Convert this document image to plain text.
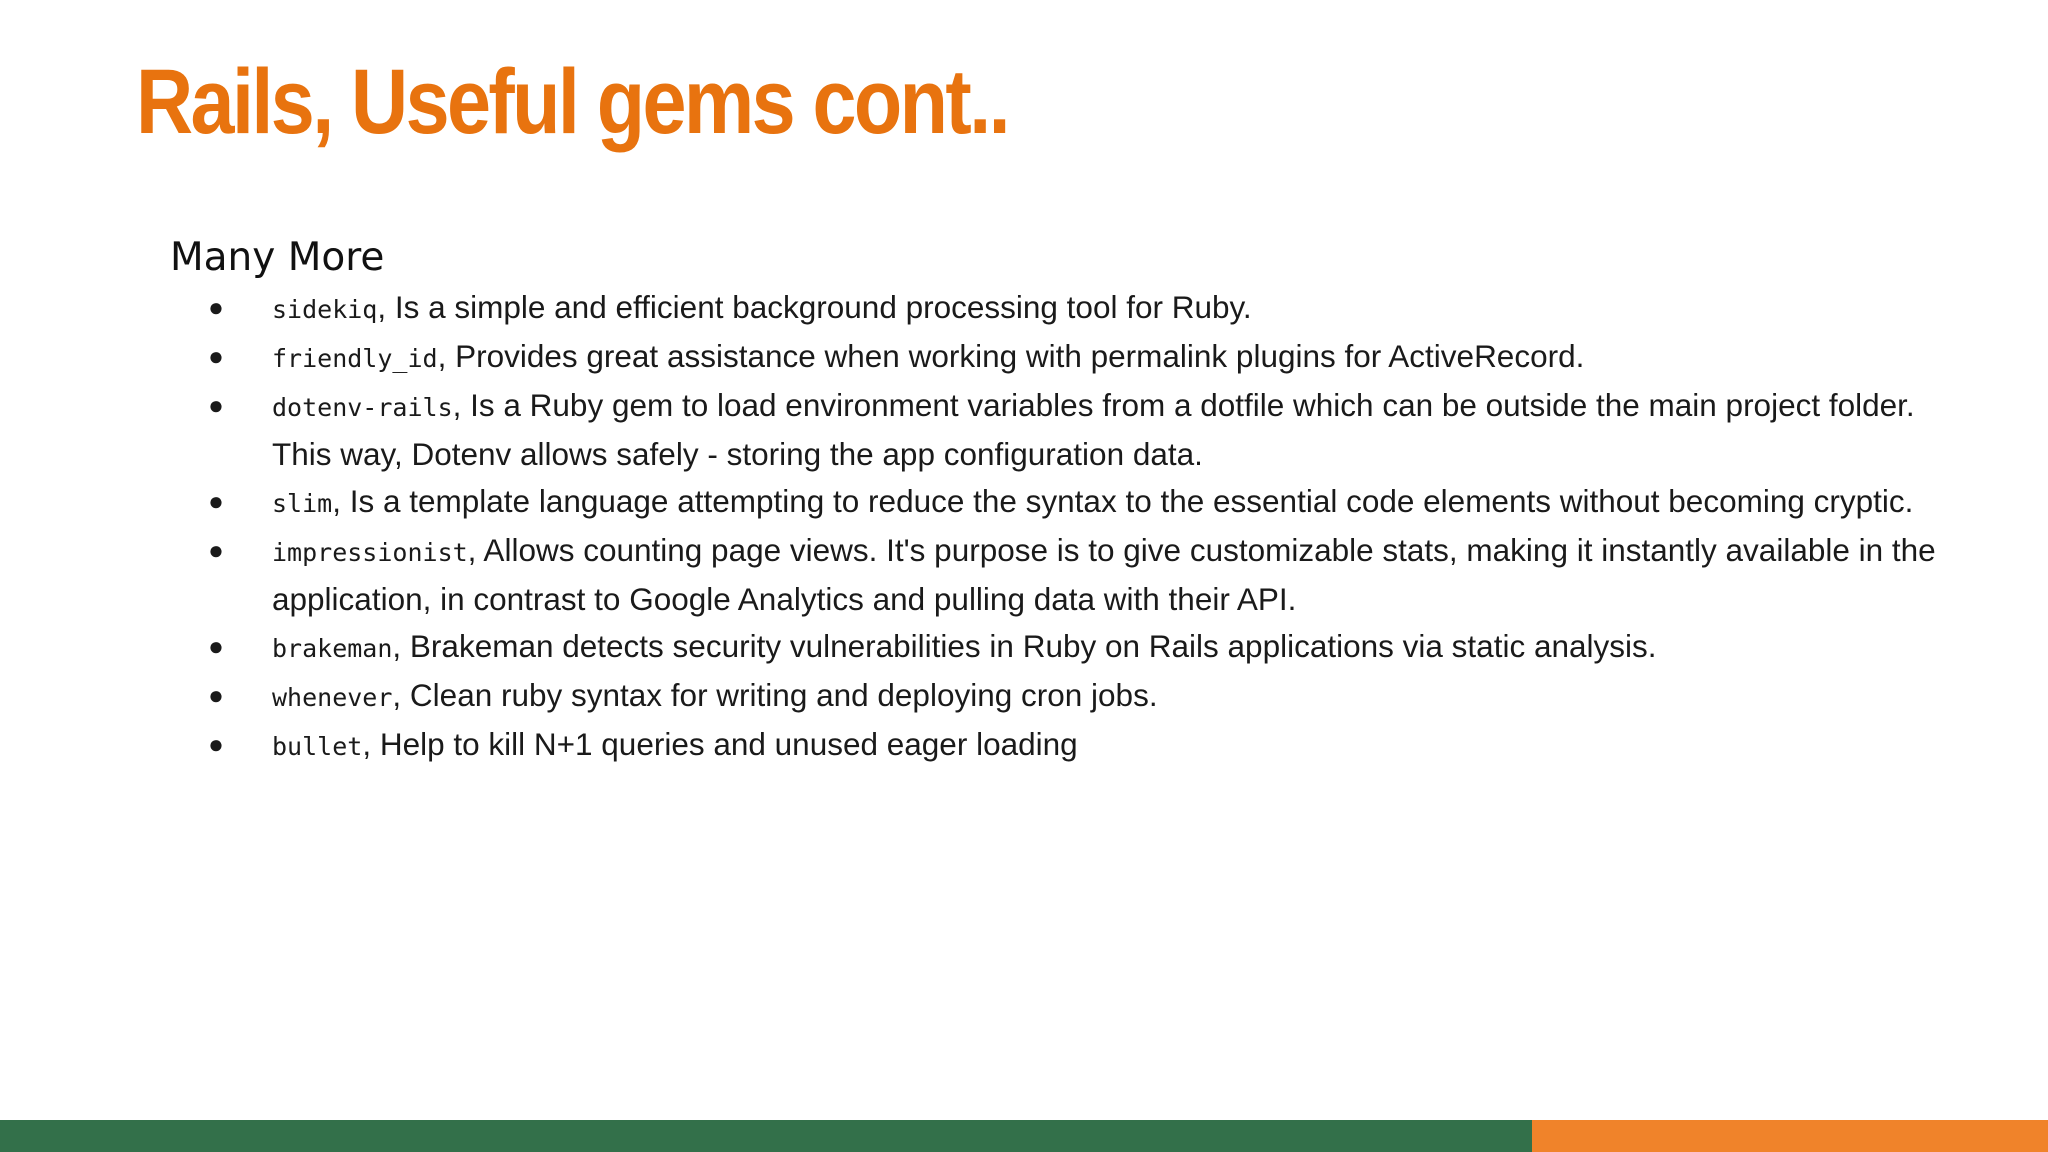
Rails, Useful gems cont..
Many More
● sidekiq, Is a simple and efficient background processing tool for Ruby.
● friendly_id, Provides great assistance when working with permalink plugins for ActiveRecord.
● dotenv-rails, Is a Ruby gem to load environment variables from a dotfile which can be outside the main project folder. This way, Dotenv allows safely - storing the app configuration data.
● slim, Is a template language attempting to reduce the syntax to the essential code elements without becoming cryptic.
● impressionist, Allows counting page views. It's purpose is to give customizable stats, making it instantly available in the application, in contrast to Google Analytics and pulling data with their API.
● brakeman, Brakeman detects security vulnerabilities in Ruby on Rails applications via static analysis.
● whenever, Clean ruby syntax for writing and deploying cron jobs.
● bullet, Help to kill N+1 queries and unused eager loading
